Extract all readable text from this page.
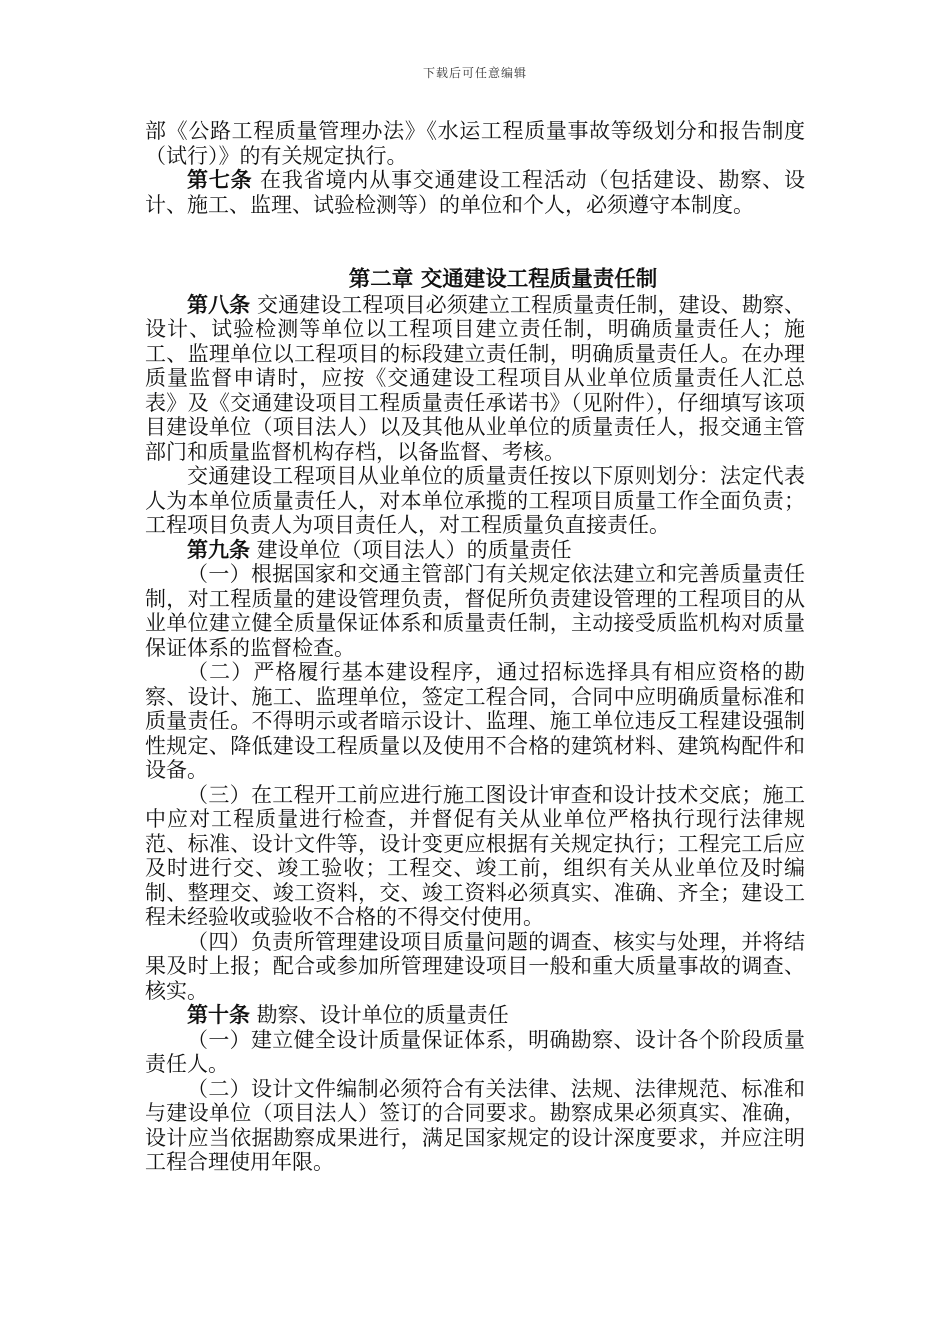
下载后可任意编辑

部《公路工程质量管理办法》《水运工程质量事故等级划分和报告制度（试行）》的有关规定执行。

第七条 在我省境内从事交通建设工程活动（包括建设、勘察、设计、施工、监理、试验检测等）的单位和个人，必须遵守本制度。

第二章 交通建设工程质量责任制

第八条 交通建设工程项目必须建立工程质量责任制，建设、勘察、设计、试验检测等单位以工程项目建立责任制，明确质量责任人；施工、监理单位以工程项目的标段建立责任制，明确质量责任人。在办理质量监督申请时，应按《交通建设工程项目从业单位质量责任人汇总表》及《交通建设项目工程质量责任承诺书》（见附件），仔细填写该项目建设单位（项目法人）以及其他从业单位的质量责任人，报交通主管部门和质量监督机构存档，以备监督、考核。

交通建设工程项目从业单位的质量责任按以下原则划分：法定代表人为本单位质量责任人，对本单位承揽的工程项目质量工作全面负责；工程项目负责人为项目责任人，对工程质量负直接责任。

第九条 建设单位（项目法人）的质量责任

（一）根据国家和交通主管部门有关规定依法建立和完善质量责任制，对工程质量的建设管理负责，督促所负责建设管理的工程项目的从业单位建立健全质量保证体系和质量责任制，主动接受质监机构对质量保证体系的监督检查。

（二）严格履行基本建设程序，通过招标选择具有相应资格的勘察、设计、施工、监理单位，签定工程合同，合同中应明确质量标准和质量责任。不得明示或者暗示设计、监理、施工单位违反工程建设强制性规定、降低建设工程质量以及使用不合格的建筑材料、建筑构配件和设备。

（三）在工程开工前应进行施工图设计审查和设计技术交底；施工中应对工程质量进行检查，并督促有关从业单位严格执行现行法律规范、标准、设计文件等，设计变更应根据有关规定执行；工程完工后应及时进行交、竣工验收；工程交、竣工前，组织有关从业单位及时编制、整理交、竣工资料，交、竣工资料必须真实、准确、齐全；建设工程未经验收或验收不合格的不得交付使用。

（四）负责所管理建设项目质量问题的调查、核实与处理，并将结果及时上报；配合或参加所管理建设项目一般和重大质量事故的调查、核实。

第十条 勘察、设计单位的质量责任

（一）建立健全设计质量保证体系，明确勘察、设计各个阶段质量责任人。

（二）设计文件编制必须符合有关法律、法规、法律规范、标准和与建设单位（项目法人）签订的合同要求。勘察成果必须真实、准确，设计应当依据勘察成果进行，满足国家规定的设计深度要求，并应注明工程合理使用年限。
